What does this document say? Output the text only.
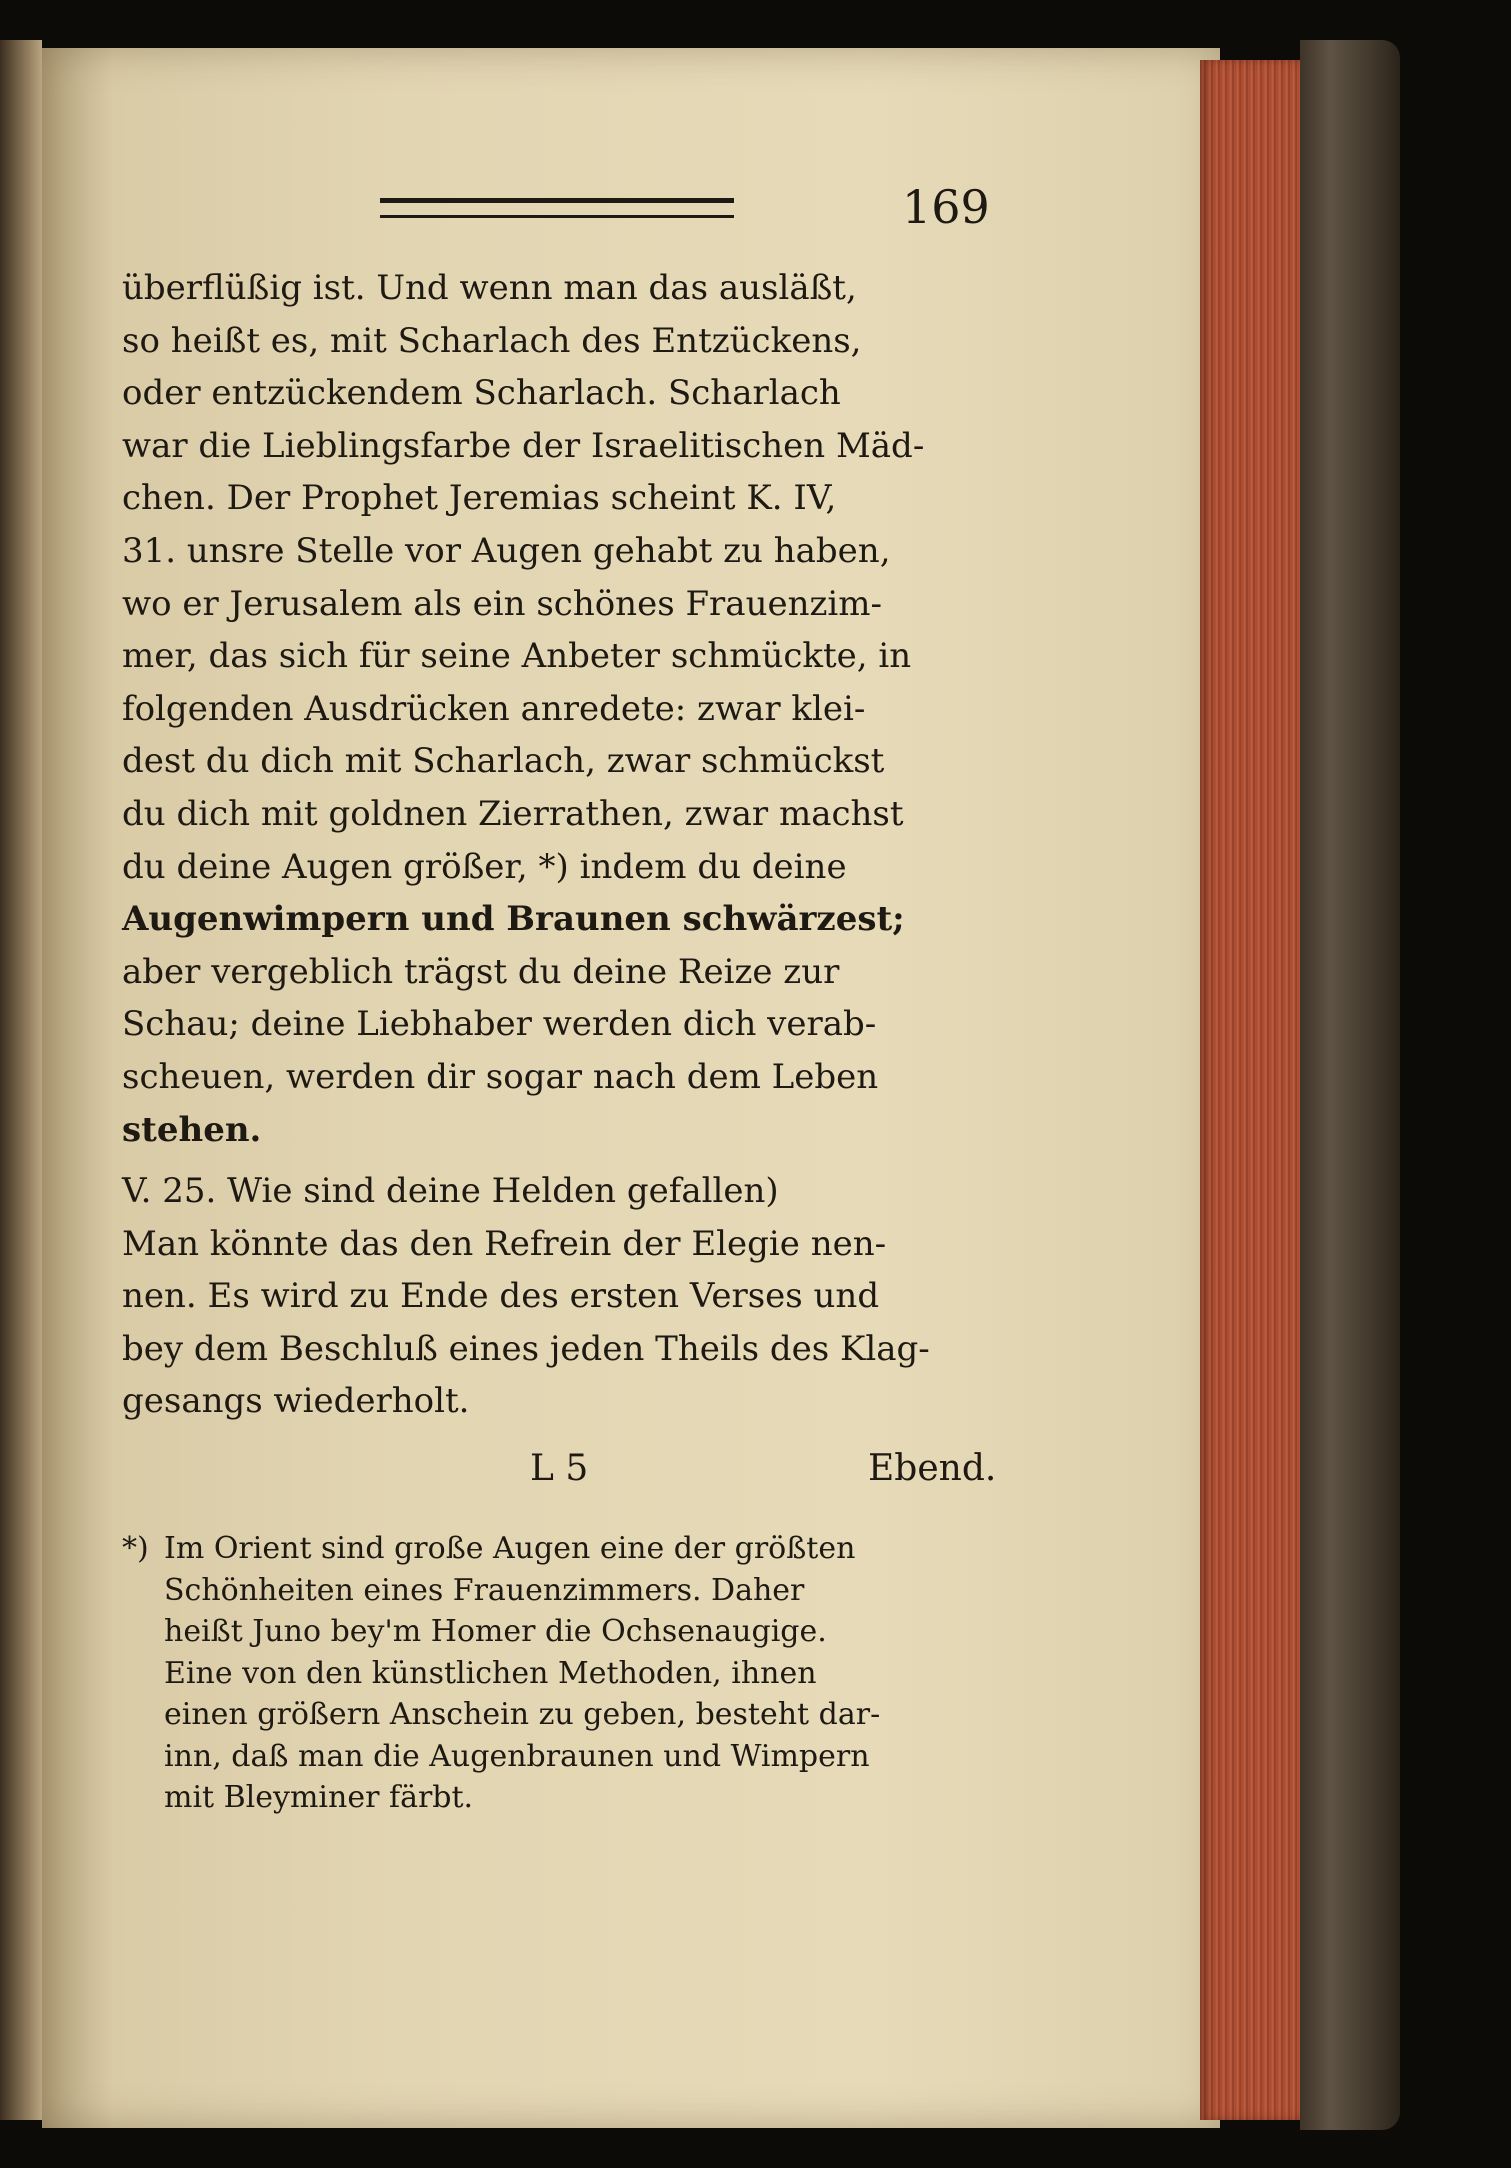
169

überflüßig ist. Und wenn man das ausläßt,
so heißt es, mit Scharlach des Entzückens,
oder entzückendem Scharlach. Scharlach
war die Lieblingsfarbe der Israelitischen Mäd-
chen. Der Prophet Jeremias scheint K. IV,
31. unsre Stelle vor Augen gehabt zu haben,
wo er Jerusalem als ein schönes Frauenzim-
mer, das sich für seine Anbeter schmückte, in
folgenden Ausdrücken anredete: zwar klei-
dest du dich mit Scharlach, zwar schmückst
du dich mit goldnen Zierrathen, zwar machst
du deine Augen größer, *) indem du deine
Augenwimpern und Braunen schwärzest;
aber vergeblich trägst du deine Reize zur
Schau; deine Liebhaber werden dich verab-
scheuen, werden dir sogar nach dem Leben
stehen.

V. 25. Wie sind deine Helden gefallen)
Man könnte das den Refrein der Elegie nen-
nen. Es wird zu Ende des ersten Verses und
bey dem Beschluß eines jeden Theils des Klag-
gesangs wiederholt.

L 5	Ebend.
*) Im Orient sind große Augen eine der größten
Schönheiten eines Frauenzimmers. Daher
heißt Juno bey'm Homer die Ochsenaugige.
Eine von den künstlichen Methoden, ihnen
einen größern Anschein zu geben, besteht dar-
inn, daß man die Augenbraunen und Wimpern
mit Bleyminer färbt.
